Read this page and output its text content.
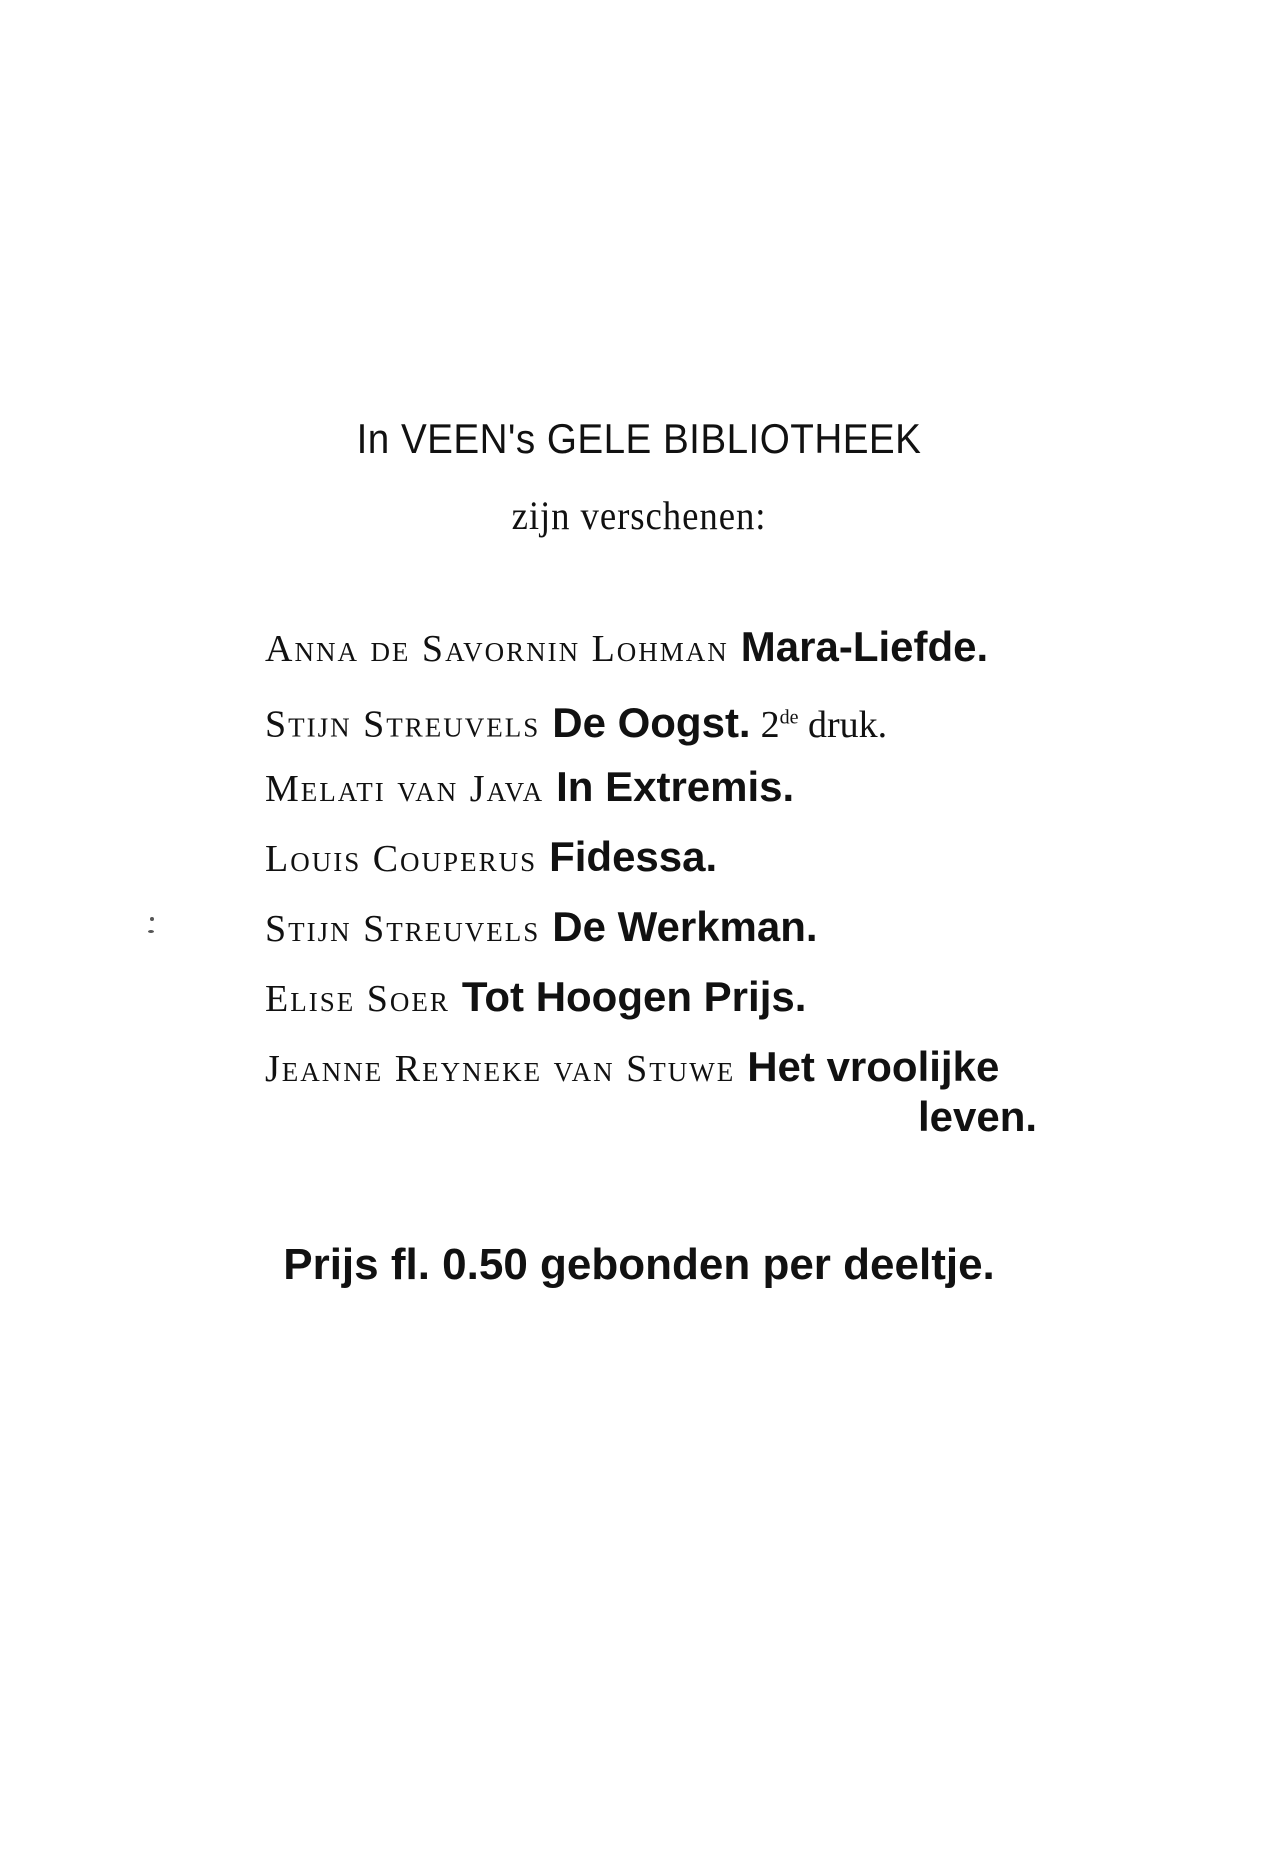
In VEEN's GELE BIBLIOTHEEK
zijn verschenen:
Anna de Savornin Lohman Mara-Liefde.
Stijn Streuvels De Oogst. 2de druk.
Melati van Java In Extremis.
Louis Couperus Fidessa.
Stijn Streuvels De Werkman.
Elise Soer Tot Hoogen Prijs.
Jeanne Reyneke van Stuwe Het vroolijke
leven.
Prijs fl. 0.50 gebonden per deeltje.
